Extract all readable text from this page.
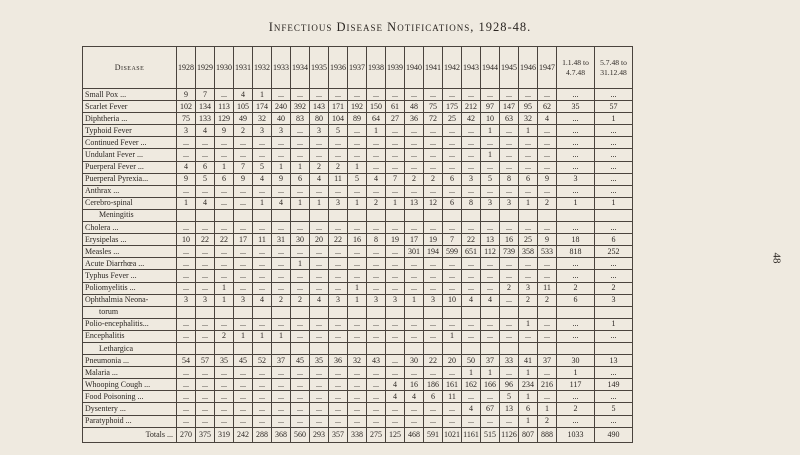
Infectious Disease Notifications, 1928-48.
48
Disease	1928	1929	1930	1931	1932	1933	1934	1935	1936	1937	1938	1939	1940	1941	1942	1943	1944	1945	1946	1947	1.1.48 to 4.7.48	5.7.48 to 31.12.48
Small Pox ...	9	7	...	4	1	...	...	...	...	...	...	...	...	...	...	...	...	...	...	...	...	...
Scarlet Fever	102	134	113	105	174	240	392	143	171	192	150	61	48	75	175	212	97	147	95	62	35	57
Diphtheria ...	75	133	129	49	32	40	83	80	104	89	64	27	36	72	25	42	10	63	32	4	...	1
Typhoid Fever	3	4	9	2	3	3	...	3	5	...	1	...	...	...	...	...	1	...	1	...	...	...
Continued Fever ...	...	...	...	...	...	...	...	...	...	...	...	...	...	...	...	...	...	...	...	...	...	...
Undulant Fever ...	...	...	...	...	...	...	...	...	...	...	...	...	...	...	...	...	1	...	...	...	...	...
Puerperal Fever ...	4	6	1	7	5	1	1	2	2	1	...	...	...	...	...	...	...	...	...	...	...	...
Puerperal Pyrexia...	9	5	6	9	4	9	6	4	11	5	4	7	2	2	6	3	5	8	6	9	3	...
Anthrax ...	...	...	...	...	...	...	...	...	...	...	...	...	...	...	...	...	...	...	...	...	...	...
Cerebro-spinal	1	4	...	...	1	4	1	1	3	1	2	1	13	12	6	8	3	3	1	2	1	1
Meningitis																						
Cholera ...	...	...	...	...	...	...	...	...	...	...	...	...	...	...	...	...	...	...	...	...	...	...
Erysipelas ...	10	22	22	17	11	31	30	20	22	16	8	19	17	19	7	22	13	16	25	9	18	6
Measles ...	...	...	...	...	...	...	...	...	...	...	...	...	301	194	599	651	112	739	358	533	818	252
Acute Diarrhœa ...	...	...	...	...	...	...	1	...	...	...	...	...	...	...	...	...	...	...	...	...	...	...
Typhus Fever ...	...	...	...	...	...	...	...	...	...	...	...	...	...	...	...	...	...	...	...	...	...	...
Poliomyelitis ...	...	...	1	...	...	...	...	...	...	1	...	...	...	...	...	...	...	2	3	11	2	2
Ophthalmia Neona-	3	3	1	3	4	2	2	4	3	1	3	3	1	3	10	4	4	...	2	2	6	3
torum																						
Polio-encephalitis...	...	...	...	...	...	...	...	...	...	...	...	...	...	...	...	...	...	...	1	...	...	1
Encephalitis	...	...	2	1	1	1	...	...	...	...	...	...	...	...	1	...	...	...	...	...	...	...
Lethargica																						
Pneumonia ...	54	57	35	45	52	37	45	35	36	32	43	...	30	22	20	50	37	33	41	37	30	13
Malaria ...	...	...	...	...	...	...	...	...	...	...	...	...	...	...	...	1	1	...	1	...	1	...
Whooping Cough ...	...	...	...	...	...	...	...	...	...	...	...	4	16	186	161	162	166	96	234	216	117	149
Food Poisoning ...	...	...	...	...	...	...	...	...	...	...	...	4	4	6	11	...	...	5	1	...	...	...
Dysentery ...	...	...	...	...	...	...	...	...	...	...	...	...	...	...	...	4	67	13	6	1	2	5
Paratyphoid ...	...	...	...	...	...	...	...	...	...	...	...	...	...	...	...	...	...	...	1	2	...	...
Totals ...	270	375	319	242	288	368	560	293	357	338	275	125	468	591	1021	1161	515	1126	807	888	1033	490
